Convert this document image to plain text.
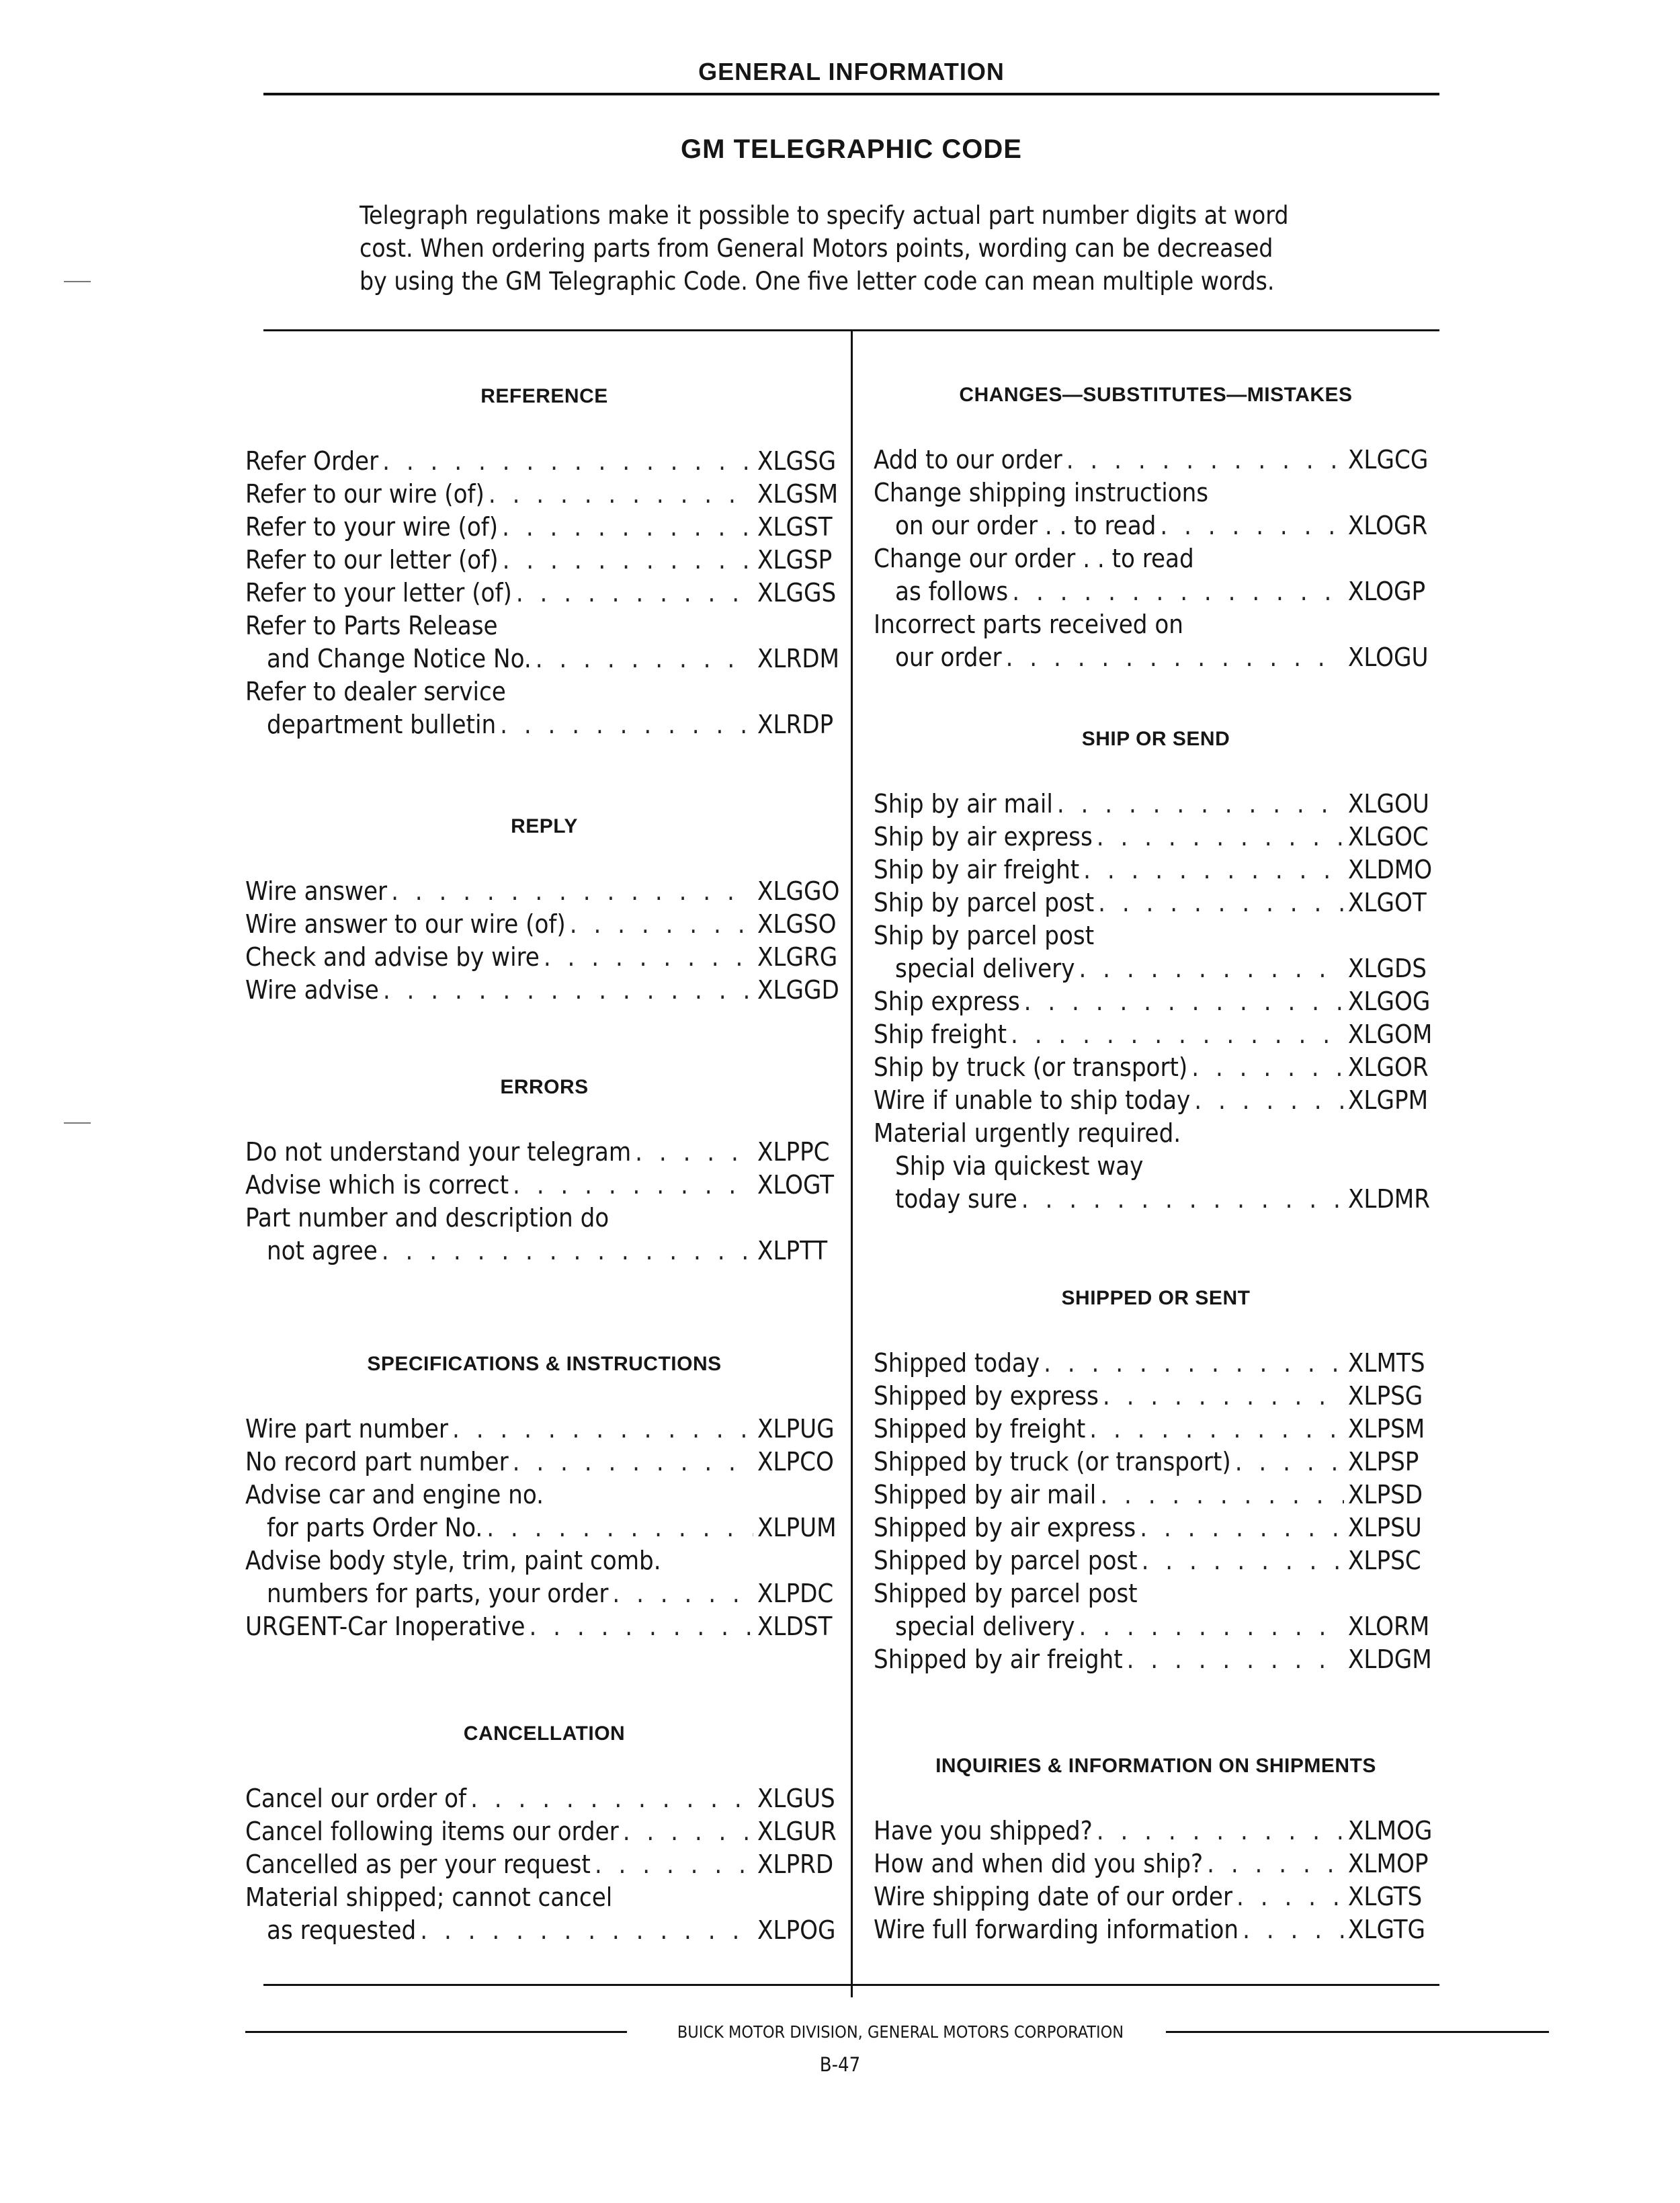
GENERAL INFORMATION
GM TELEGRAPHIC CODE

Telegraph regulations make it possible to specify actual part number digits at word
cost. When ordering parts from General Motors points, wording can be decreased
by using the GM Telegraphic Code. One five letter code can mean multiple words.

REFERENCE
Refer Order . . .	XLGSG
Refer to our wire (of) . . .	XLGSM
Refer to your wire (of) . . .	XLGST
Refer to our letter (of) . . .	XLGSP
Refer to your letter (of) . . .	XLGGS
Refer to Parts Release
and Change Notice No. . . .	XLRDM
Refer to dealer service
department bulletin . . .	XLRDP
REPLY
Wire answer . . .	XLGGO
Wire answer to our wire (of) . . .	XLGSO
Check and advise by wire . . .	XLGRG
Wire advise . . .	XLGGD
ERRORS
Do not understand your telegram . . .	XLPPC
Advise which is correct . . .	XLOGT
Part number and description do
not agree . . .	XLPTT
SPECIFICATIONS & INSTRUCTIONS
Wire part number . . .	XLPUG
No record part number . . .	XLPCO
Advise car and engine no.
for parts Order No. . . .	XLPUM
Advise body style, trim, paint comb.
numbers for parts, your order . . .	XLPDC
URGENT-Car Inoperative . . .	XLDST
CANCELLATION
Cancel our order of . . .	XLGUS
Cancel following items our order . . .	XLGUR
Cancelled as per your request . . .	XLPRD
Material shipped; cannot cancel
as requested . . .	XLPOG
CHANGES—SUBSTITUTES—MISTAKES
Add to our order . . .	XLGCG
Change shipping instructions
on our order . . to read . . .	XLOGR
Change our order . . to read
as follows . . .	XLOGP
Incorrect parts received on
our order . . .	XLOGU
SHIP OR SEND
Ship by air mail . . .	XLGOU
Ship by air express . . .	XLGOC
Ship by air freight . . .	XLDMO
Ship by parcel post . . .	XLGOT
Ship by parcel post
special delivery . . .	XLGDS
Ship express . . .	XLGOG
Ship freight . . .	XLGOM
Ship by truck (or transport) . . .	XLGOR
Wire if unable to ship today . . .	XLGPM
Material urgently required.
Ship via quickest way
today sure . . .	XLDMR
SHIPPED OR SENT
Shipped today . . .	XLMTS
Shipped by express . . .	XLPSG
Shipped by freight . . .	XLPSM
Shipped by truck (or transport) . . .	XLPSP
Shipped by air mail . . .	XLPSD
Shipped by air express . . .	XLPSU
Shipped by parcel post . . .	XLPSC
Shipped by parcel post
special delivery . . .	XLORM
Shipped by air freight . . .	XLDGM
INQUIRIES & INFORMATION ON SHIPMENTS
Have you shipped? . . .	XLMOG
How and when did you ship? . . .	XLMOP
Wire shipping date of our order . . .	XLGTS
Wire full forwarding information . . .	XLGTG
BUICK MOTOR DIVISION, GENERAL MOTORS CORPORATION
B-47
